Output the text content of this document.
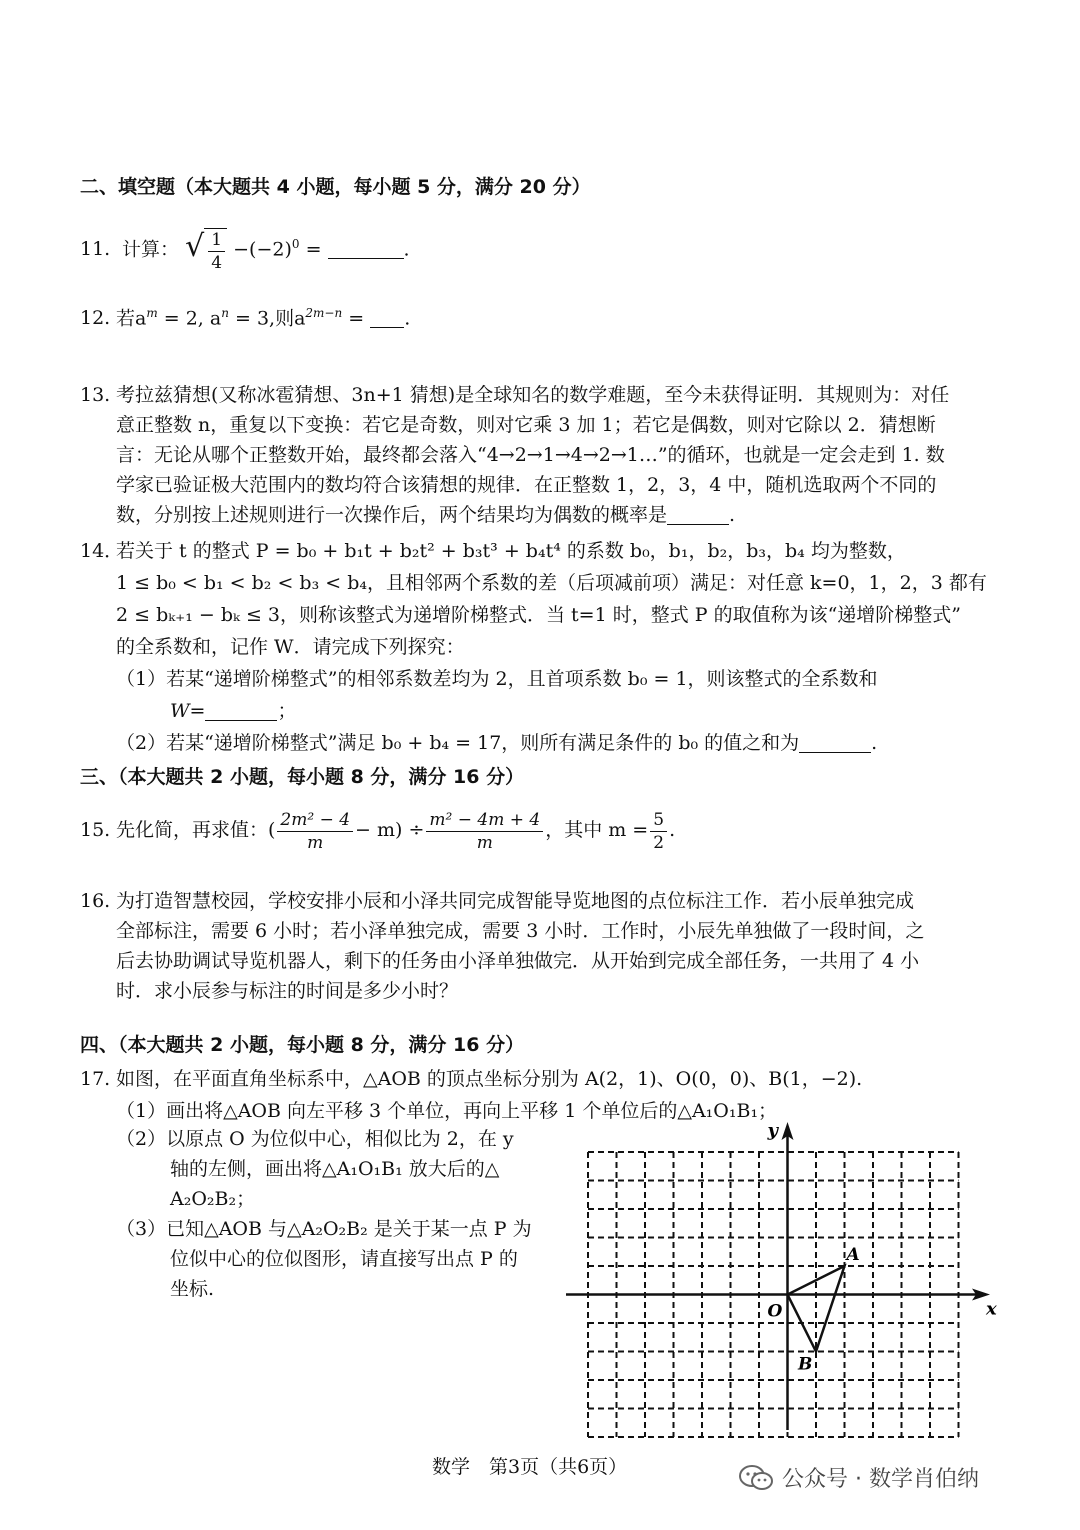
二、填空题（本大题共 4 小题，每小题 5 分，满分 20 分）
11. 计算： √ $\frac{1}{4} -(-2)^0$ =	.
12. 若$a^m = 2$, $a^n = 3$,则$a^{2m-n}$ = .
13. 考拉兹猜想(又称冰雹猜想、3n+1 猜想)是全球知名的数学难题，至今未获得证明．其规则为：对任
意正整数 n，重复以下变换：若它是奇数，则对它乘 3 加 1；若它是偶数，则对它除以 2．猜想断
言：无论从哪个正整数开始，最终都会落入“4→2→1→4→2→1…”的循环，也就是一定会走到 1. 数
学家已验证极大范围内的数均符合该猜想的规律．在正整数 1，2，3，4 中，随机选取两个不同的
数，分别按上述规则进行一次操作后，两个结果均为偶数的概率是	.
14．若关于 t 的整式 P = b₀ + b₁t + b₂t² + b₃t³ + b₄t⁴ 的系数 b₀，b₁，b₂，b₃，b₄ 均为整数，
1 ≤ b₀ < b₁ < b₂ < b₃ < b₄，且相邻两个系数的差（后项减前项）满足：对任意 k=0，1，2，3 都有
2 ≤ bₖ₊₁ − bₖ ≤ 3，则称该整式为递增阶梯整式．当 t=1 时，整式 P 的取值称为该“递增阶梯整式”
的全系数和，记作 W．请完成下列探究：
（1）若某“递增阶梯整式”的相邻系数差均为 2，且首项系数 b₀ = 1，则该整式的全系数和
W=	；
（2）若某“递增阶梯整式”满足 b₀ + b₄ = 17，则所有满足条件的 b₀ 的值之和为	.
三、（本大题共 2 小题，每小题 8 分，满分 16 分）
15. 先化简，再求值：( $\frac{\text{2m² − 4}}{m} - m) \div \frac{\text{m² − 4m + 4}}{m}$ ，其中 $m = \frac{5}{2}$ .
16. 为打造智慧校园，学校安排小辰和小泽共同完成智能导览地图的点位标注工作．若小辰单独完成
全部标注，需要 6 小时；若小泽单独完成，需要 3 小时．工作时，小辰先单独做了一段时间，之
后去协助调试导览机器人，剩下的任务由小泽单独做完．从开始到完成全部任务，一共用了 4 小
时．求小辰参与标注的时间是多少小时？
四、（本大题共 2 小题，每小题 8 分，满分 16 分）
17. 如图，在平面直角坐标系中，△AOB 的顶点坐标分别为 A(2，1)、O(0，0)、B(1，−2).
（1）画出将△AOB 向左平移 3 个单位，再向上平移 1 个单位后的△A₁O₁B₁；
（2）以原点 O 为位似中心，相似比为 2，在 y
轴的左侧，画出将△A₁O₁B₁ 放大后的△
A₂O₂B₂；
（3）已知△AOB 与△A₂O₂B₂ 是关于某一点 P 为
位似中心的位似图形，请直接写出点 P 的
坐标.
x
y
O
A
B
数学　第3页（共6页）	公众号 · 数学肖伯纳
